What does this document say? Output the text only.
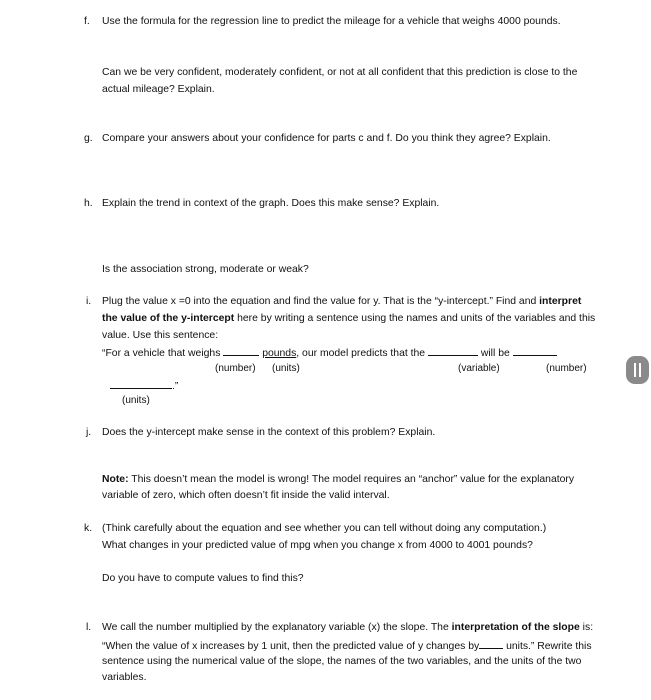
f. Use the formula for the regression line to predict the mileage for a vehicle that weighs 4000 pounds.
Can we be very confident, moderately confident, or not at all confident that this prediction is close to the
actual mileage? Explain.
g. Compare your answers about your confidence for parts c and f. Do you think they agree? Explain.
h. Explain the trend in context of the graph. Does this make sense? Explain.
Is the association strong, moderate or weak?
i. Plug the value x =0 into the equation and find the value for y. That is the “y-intercept.” Find and interpret
the value of the y-intercept here by writing a sentence using the names and units of the variables and this
value. Use this sentence:
“For a vehicle that weighs	pounds, our model predicts that the	will be
(number) (units)	(variable)	(number)
.”
(units)
j. Does the y-intercept make sense in the context of this problem? Explain.
Note: This doesn’t mean the model is wrong! The model requires an “anchor” value for the explanatory
variable of zero, which often doesn’t fit inside the valid interval.
k. (Think carefully about the equation and see whether you can tell without doing any computation.)
What changes in your predicted value of mpg when you change x from 4000 to 4001 pounds?
Do you have to compute values to find this?
l. We call the number multiplied by the explanatory variable (x) the slope. The interpretation of the slope is:
“When the value of x increases by 1 unit, then the predicted value of y changes by units.” Rewrite this
sentence using the numerical value of the slope, the names of the two variables, and the units of the two
variables.
